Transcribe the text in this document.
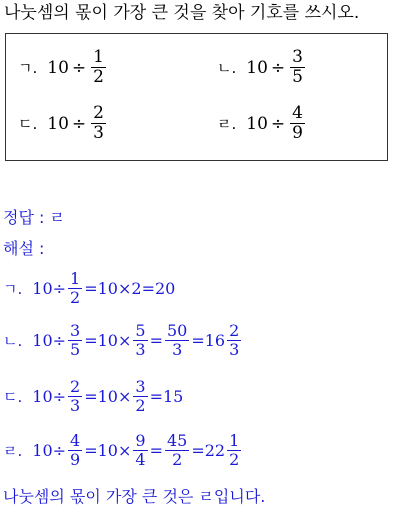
나눗셈의 몫이 가장 큰 것을 찾아 기호를 쓰시오.
ㄱ. $10 \div \frac{1}{2}$	ㄴ. $10 \div \frac{3}{5}$
ㄷ. $10 \div \frac{2}{3}$	ㄹ. $10 \div \frac{4}{9}$
정답 : ㄹ
해설 :
ㄱ. $10\div \frac{1}{2} =10\times 2=20$
ㄴ. $10\div \frac{3}{5} =10\times \frac{5}{3} = \frac{50}{3} =16 \frac{2}{3}$
ㄷ. $10\div \frac{2}{3} =10\times \frac{3}{2} =15$
ㄹ. $10\div \frac{4}{9} =10\times \frac{9}{4} = \frac{45}{2} =22 \frac{1}{2}$
나눗셈의 몫이 가장 큰 것은 ㄹ입니다.
